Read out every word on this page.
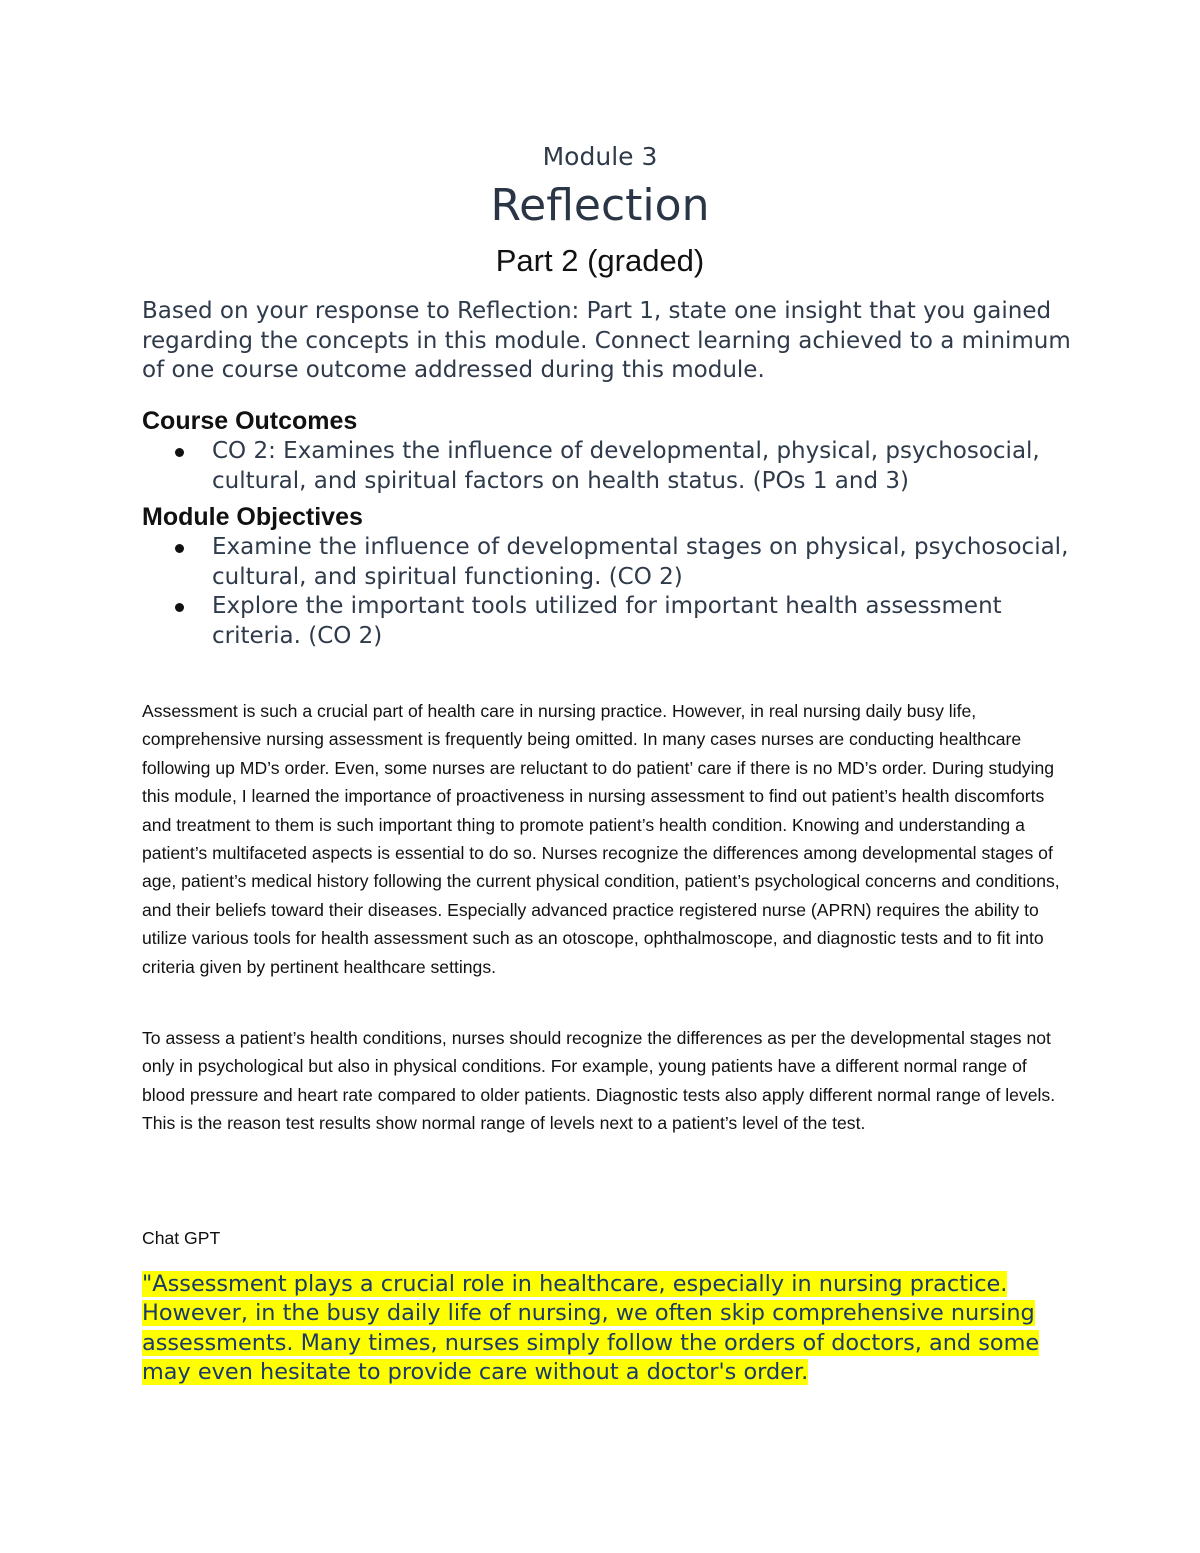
Module 3
Reflection
Part 2 (graded)

Based on your response to Reflection: Part 1, state one insight that you gained regarding the concepts in this module. Connect learning achieved to a minimum of one course outcome addressed during this module.

Course Outcomes
CO 2: Examines the influence of developmental, physical, psychosocial, cultural, and spiritual factors on health status. (POs 1 and 3)
Module Objectives
Examine the influence of developmental stages on physical, psychosocial, cultural, and spiritual functioning. (CO 2)
Explore the important tools utilized for important health assessment criteria. (CO 2)

Assessment is such a crucial part of health care in nursing practice. However, in real nursing daily busy life, comprehensive nursing assessment is frequently being omitted. In many cases nurses are conducting healthcare following up MD’s order. Even, some nurses are reluctant to do patient’ care if there is no MD’s order. During studying this module, I learned the importance of proactiveness in nursing assessment to find out patient’s health discomforts and treatment to them is such important thing to promote patient’s health condition. Knowing and understanding a patient’s multifaceted aspects is essential to do so. Nurses recognize the differences among developmental stages of age, patient’s medical history following the current physical condition, patient’s psychological concerns and conditions, and their beliefs toward their diseases. Especially advanced practice registered nurse (APRN) requires the ability to utilize various tools for health assessment such as an otoscope, ophthalmoscope, and diagnostic tests and to fit into criteria given by pertinent healthcare settings.

To assess a patient’s health conditions, nurses should recognize the differences as per the developmental stages not only in psychological but also in physical conditions. For example, young patients have a different normal range of blood pressure and heart rate compared to older patients. Diagnostic tests also apply different normal range of levels. This is the reason test results show normal range of levels next to a patient’s level of the test.

Chat GPT

"Assessment plays a crucial role in healthcare, especially in nursing practice. However, in the busy daily life of nursing, we often skip comprehensive nursing assessments. Many times, nurses simply follow the orders of doctors, and some may even hesitate to provide care without a doctor's order.
